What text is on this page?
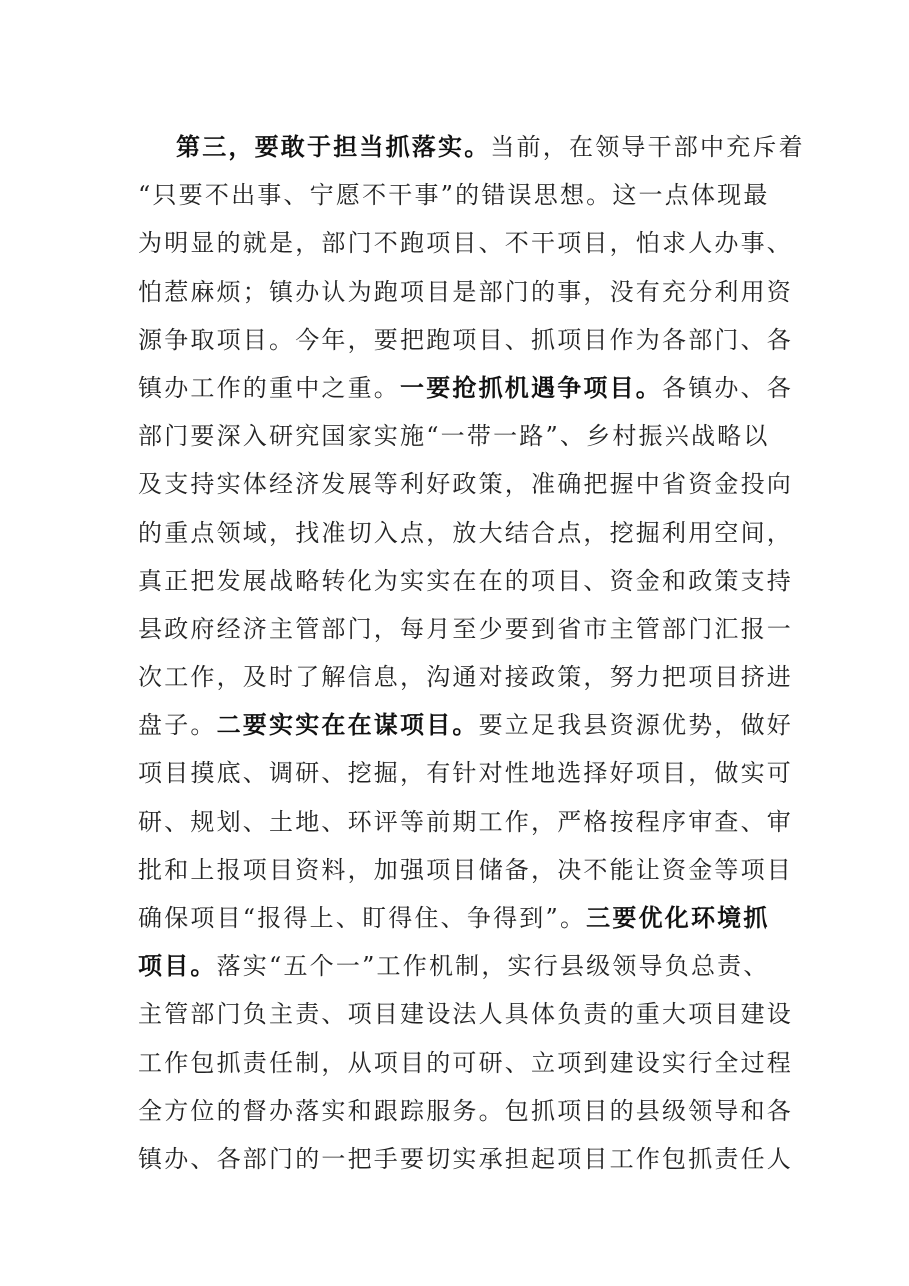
第三，要敢于担当抓落实。当前，在领导干部中充斥着
“只要不出事、宁愿不干事”的错误思想。这一点体现最
为明显的就是，部门不跑项目、不干项目，怕求人办事、
怕惹麻烦；镇办认为跑项目是部门的事，没有充分利用资
源争取项目。今年，要把跑项目、抓项目作为各部门、各
镇办工作的重中之重。一要抢抓机遇争项目。各镇办、各
部门要深入研究国家实施“一带一路”、乡村振兴战略以
及支持实体经济发展等利好政策，准确把握中省资金投向
的重点领域，找准切入点，放大结合点，挖掘利用空间，
真正把发展战略转化为实实在在的项目、资金和政策支持
县政府经济主管部门，每月至少要到省市主管部门汇报一
次工作，及时了解信息，沟通对接政策，努力把项目挤进
盘子。二要实实在在谋项目。要立足我县资源优势，做好
项目摸底、调研、挖掘，有针对性地选择好项目，做实可
研、规划、土地、环评等前期工作，严格按程序审查、审
批和上报项目资料，加强项目储备，决不能让资金等项目
确保项目“报得上、盯得住、争得到”。三要优化环境抓
项目。落实“五个一”工作机制，实行县级领导负总责、
主管部门负主责、项目建设法人具体负责的重大项目建设
工作包抓责任制，从项目的可研、立项到建设实行全过程
全方位的督办落实和跟踪服务。包抓项目的县级领导和各
镇办、各部门的一把手要切实承担起项目工作包抓责任人
